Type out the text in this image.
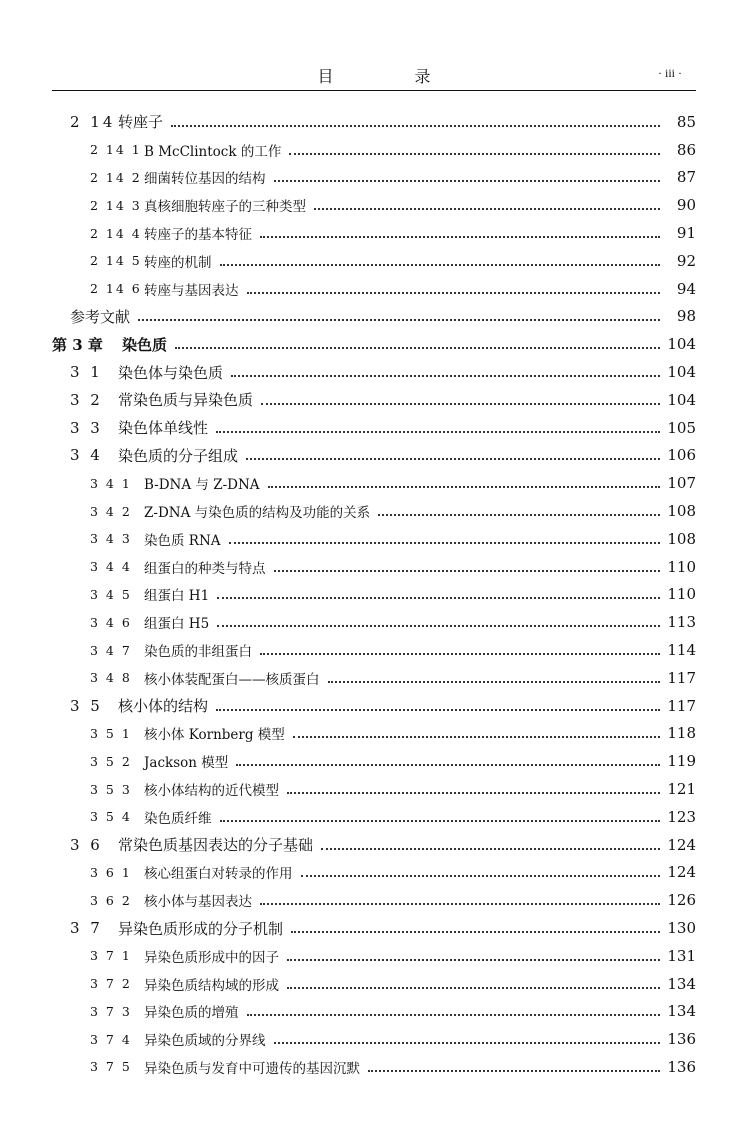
目 录	· iii ·
2 14 转座子	85
2 14 1 B McClintock 的工作	86
2 14 2 细菌转位基因的结构	87
2 14 3 真核细胞转座子的三种类型	90
2 14 4 转座子的基本特征	91
2 14 5 转座的机制	92
2 14 6 转座与基因表达	94
参考文献	98
第 3 章	染色质	104
3 1	染色体与染色质	104
3 2	常染色质与异染色质	104
3 3	染色体单线性	105
3 4	染色质的分子组成	106
3 4 1 B-DNA 与 Z-DNA	107
3 4 2 Z-DNA 与染色质的结构及功能的关系	108
3 4 3 染色质 RNA	108
3 4 4 组蛋白的种类与特点	110
3 4 5 组蛋白 H1	110
3 4 6 组蛋白 H5	113
3 4 7 染色质的非组蛋白	114
3 4 8 核小体装配蛋白——核质蛋白	117
3 5	核小体的结构	117
3 5 1 核小体 Kornberg 模型	118
3 5 2 Jackson 模型	119
3 5 3 核小体结构的近代模型	121
3 5 4 染色质纤维	123
3 6	常染色质基因表达的分子基础	124
3 6 1 核心组蛋白对转录的作用	124
3 6 2 核小体与基因表达	126
3 7	异染色质形成的分子机制	130
3 7 1 异染色质形成中的因子	131
3 7 2 异染色质结构域的形成	134
3 7 3 异染色质的增殖	134
3 7 4 异染色质域的分界线	136
3 7 5 异染色质与发育中可遗传的基因沉默	136
